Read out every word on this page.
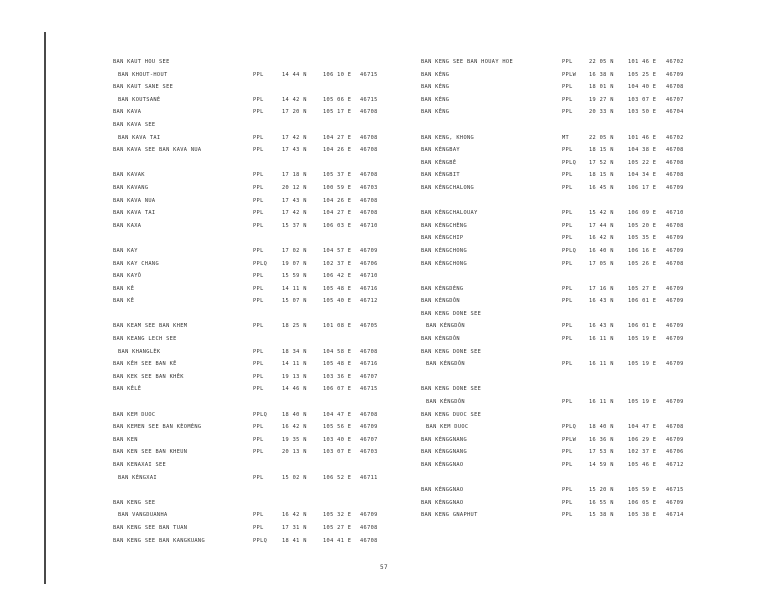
BAN KAUT HOU SEE
BAN KHOUT-HOUT	PPL	14 44 N	106 10 E 46715
BAN KAUT SANE SEE
BAN KOUTSANÉ	PPL	14 42 N	105 06 E 46715
BAN KAVA	PPL	17 20 N	105 17 E 46708
BAN KAVA SEE
BAN KAVA TAI	PPL	17 42 N	104 27 E 46708
BAN KAVA SEE BAN KAVA NUA	PPL	17 43 N	104 26 E 46708
BAN KAVAK	PPL	17 18 N	105 37 E 46708
BAN KAVANG	PPL	20 12 N	100 59 E 46703
BAN KAVA NUA	PPL	17 43 N	104 26 E 46708
BAN KAVA TAI	PPL	17 42 N	104 27 E 46708
BAN KAXA	PPL	15 37 N	106 03 E 46710
BAN KAY	PPL	17 02 N	104 57 E 46709
BAN KAY CHANG	PPLQ	19 07 N	102 37 E 46706
BAN KAYÔ	PPL	15 59 N	106 42 E 46710
BAN KÊ	PPL	14 11 N	105 48 E 46716
BAN KÊ	PPL	15 07 N	105 40 E 46712
BAN KEAM SEE BAN KHEM	PPL	18 25 N	101 08 E 46705
BAN KEANG LECH SEE
BAN KHANGLÈK	PPL	18 34 N	104 58 E 46708
BAN KÊH SEE BAN KÊ	PPL	14 11 N	105 48 E 46716
BAN KEK SEE BAN KHÊK	PPL	19 13 N	103 36 E 46707
BAN KÊLÊ	PPL	14 46 N	106 07 E 46715
BAN KEM DUOC	PPLQ	18 40 N	104 47 E 46708
BAN KEMEN SEE BAN KÈOMÈNG	PPL	16 42 N	105 56 E 46709
BAN KEN	PPL	19 35 N	103 40 E 46707
BAN KEN SEE BAN KHEUN	PPL	20 13 N	103 07 E 46703
BAN KENAXAI SEE
BAN KÈNGXAI	PPL	15 02 N	106 52 E 46711
BAN KENG SEE
BAN VANGDUANHA	PPL	16 42 N	105 32 E 46709
BAN KENG SEE BAN TUAN	PPL	17 31 N	105 27 E 46708
BAN KENG SEE BAN KANGKUANG	PPLQ	18 41 N	104 41 E 46708
BAN KENG SEE BAN HOUAY HOE	PPL	22 05 N	101 46 E 46702
BAN KÈNG	PPLW 16 38 N	105 25 E 46709
BAN KÈNG	PPL	18 01 N	104 40 E 46708
BAN KÈNG	PPL	19 27 N	103 07 E 46707
BAN KÊNG	PPL	20 33 N	103 50 E 46704
BAN KENG, KHONG	MT	22 05 N	101 46 E 46702
BAN KÈNGBAY	PPL	18 15 N	104 38 E 46708
BAN KÈNGBÊ	PPLQ 17 52 N	105 22 E 46708
BAN KÈNGBIT	PPL	18 15 N	104 34 E 46708
BAN KÈNGCHALONG	PPL	16 45 N	106 17 E 46709
BAN KÈNGCHALOUAY	PPL	15 42 N	106 09 E 46710
BAN KÈNGCHÈNG	PPL	17 44 N	105 20 E 46708
BAN KÈNGCHIP	PPL	16 42 N	105 35 E 46709
BAN KÈNGCHONG	PPLQ 16 40 N	106 16 E 46709
BAN KÈNGCHONG	PPL	17 05 N	105 26 E 46708
BAN KÈNGDÈNG	PPL	17 16 N	105 27 E 46709
BAN KÈNGDÔN	PPL	16 43 N	106 01 E 46709
BAN KENG DONE SEE
BAN KÈNGDÔN	PPL	16 43 N	106 01 E 46709
BAN KÈNGDÔN	PPL	16 11 N	105 19 E 46709
BAN KENG DONE SEE
BAN KÈNGDÔN	PPL	16 11 N	105 19 E 46709
BAN KENG DONE SEE
BAN KÈNGDÔN	PPL	16 11 N	105 19 E 46709
BAN KENG DUOC SEE
BAN KEM DUOC	PPLQ 18 40 N	104 47 E 46708
BAN KÈNGGNANG	PPLW 16 36 N	106 29 E 46709
BAN KÈNGGNANG	PPL	17 53 N	102 37 E 46706
BAN KÈNGGNAO	PPL	14 59 N	105 46 E 46712
BAN KÈNGGNAO	PPL	15 20 N	105 59 E 46715
BAN KÈNGGNAO	PPL	16 55 N	106 05 E 46709
BAN KENG GNAPHUT	PPL	15 38 N	105 38 E 46714
57
